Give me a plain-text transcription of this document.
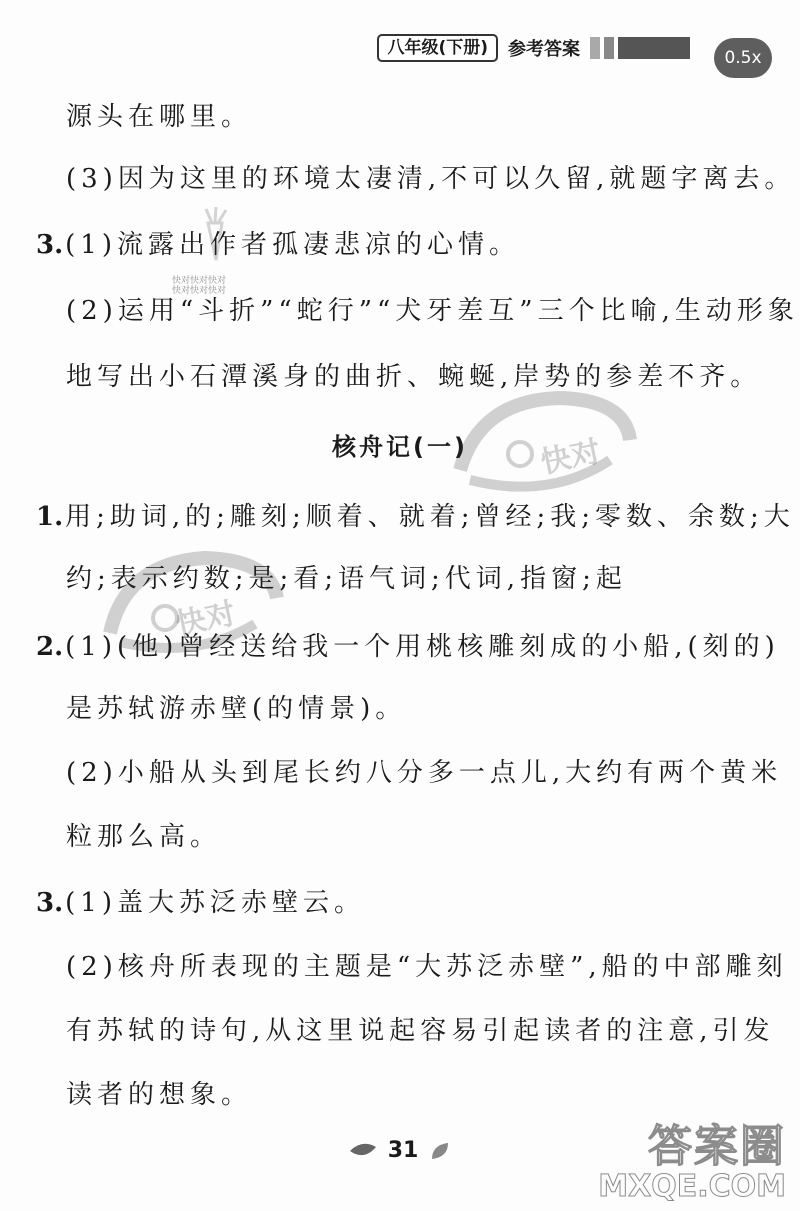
八年级(下册)	参考答案	0.5x
源头在哪里。
(3)因为这里的环境太凄清,不可以久留,就题字离去。
3.(1)流露出作者孤凄悲凉的心情。
(2)运用“斗折”“蛇行”“犬牙差互”三个比喻,生动形象
地写出小石潭溪身的曲折、蜿蜒,岸势的参差不齐。
核舟记(一)
1.用;助词,的;雕刻;顺着、就着;曾经;我;零数、余数;大
约;表示约数;是;看;语气词;代词,指窗;起
2.(1)(他)曾经送给我一个用桃核雕刻成的小船,(刻的)
是苏轼游赤壁(的情景)。
(2)小船从头到尾长约八分多一点儿,大约有两个黄米
粒那么高。
3.(1)盖大苏泛赤壁云。
(2)核舟所表现的主题是“大苏泛赤壁”,船的中部雕刻
有苏轼的诗句,从这里说起容易引起读者的注意,引发
读者的想象。
快对快对快对
快对快对快对
快对
快对
31	答案圈
MXQE.COM
